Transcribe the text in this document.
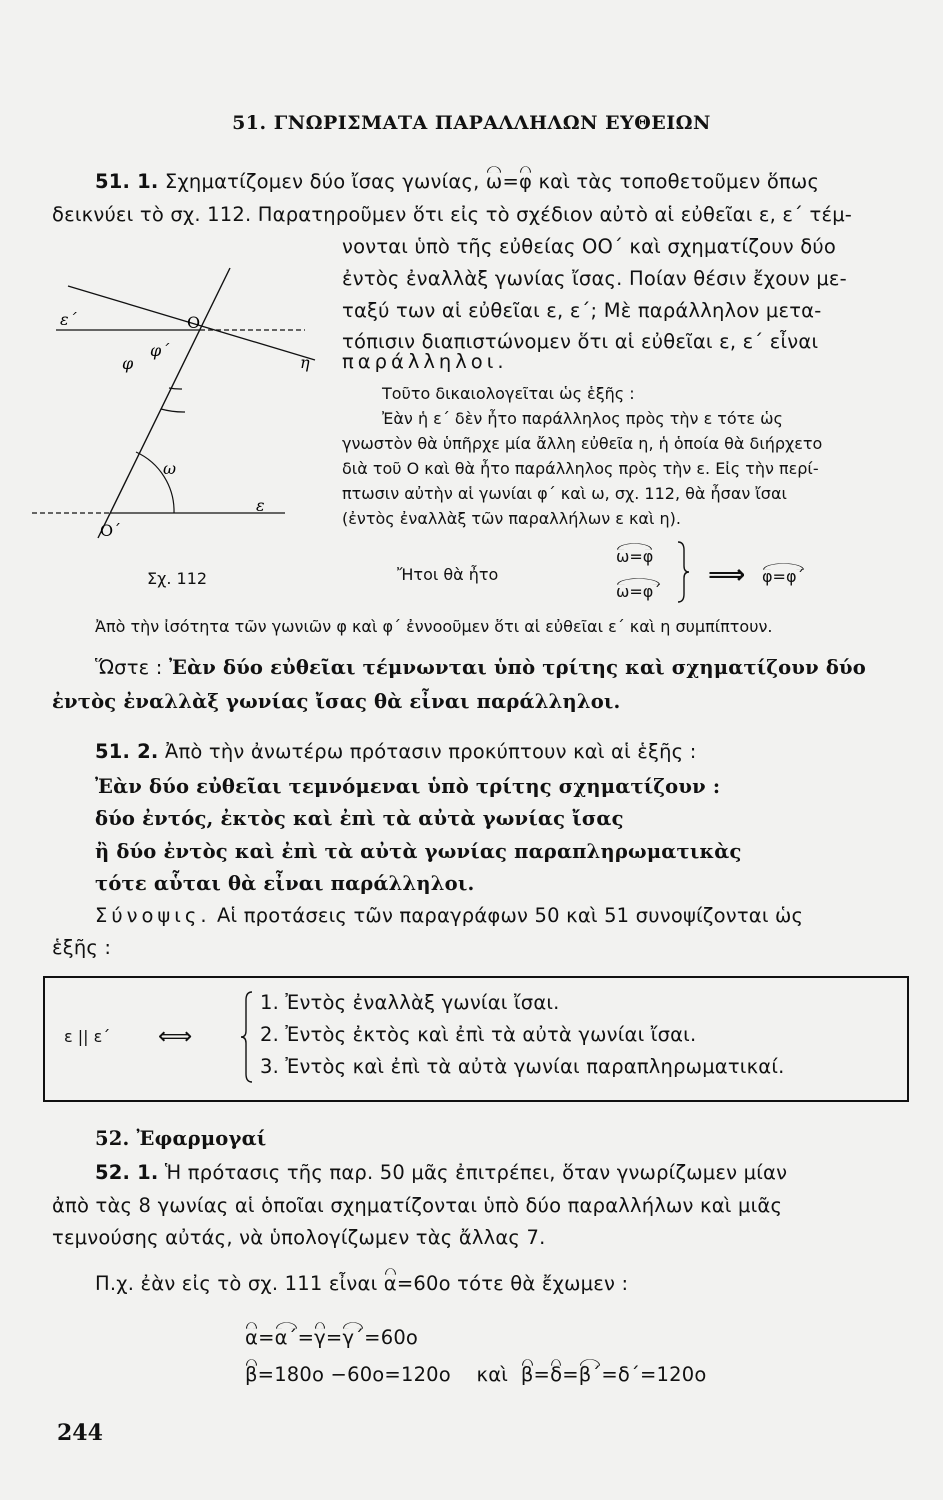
51. ΓΝΩΡΙΣΜΑΤΑ ΠΑΡΑΛΛΗΛΩΝ ΕΥΘΕΙΩΝ

51. 1. Σχηματίζομεν δύο ἴσας γωνίας, ω=φ καὶ τὰς τοποθετοῦμεν ὅπως

δεικνύει τὸ σχ. 112. Παρατηροῦμεν ὅτι εἰς τὸ σχέδιον αὐτὸ αἱ εὐθεῖαι ε, ε΄ τέμ-

νονται ὑπὸ τῆς εὐθείας ΟΟ΄ καὶ σχηματίζουν δύο

ἐντὸς ἐναλλὰξ γωνίας ἴσας. Ποίαν θέσιν ἔχουν με-

ταξύ των αἱ εὐθεῖαι ε, ε΄; Μὲ παράλληλον μετα-

τόπισιν διαπιστώνομεν ὅτι αἱ εὐθεῖαι ε, ε΄ εἶναι

παράλληλοι.

Τοῦτο δικαιολογεῖται ὡς ἑξῆς :

Ἐὰν ἡ ε΄ δὲν ἦτο παράλληλος πρὸς τὴν ε τότε ὡς

γνωστὸν θὰ ὑπῆρχε μία ἄλλη εὐθεῖα η, ἡ ὁποία θὰ διήρχετο

διὰ τοῦ Ο καὶ θὰ ἦτο παράλληλος πρὸς τὴν ε. Εἰς τὴν περί-

πτωσιν αὐτὴν αἱ γωνίαι φ΄ καὶ ω, σχ. 112, θὰ ἦσαν ἴσαι

(ἐντὸς ἐναλλὰξ τῶν παραλλήλων ε καὶ η).

ε΄
ε
η
O
O΄
φ
φ΄
ω

Σχ. 112	Ἤτοι θὰ ἦτο

ω=φ

ω=φ΄

⟹ φ=φ΄

Ἀπὸ τὴν ἰσότητα τῶν γωνιῶν φ καὶ φ΄ ἐννοοῦμεν ὅτι αἱ εὐθεῖαι ε΄ καὶ η συμπίπτουν.

Ὥστε : Ἐὰν δύο εὐθεῖαι τέμνωνται ὑπὸ τρίτης καὶ σχηματίζουν δύο

ἐντὸς ἐναλλὰξ γωνίας ἴσας θὰ εἶναι παράλληλοι.

51. 2. Ἀπὸ τὴν ἀνωτέρω πρότασιν προκύπτουν καὶ αἱ ἑξῆς :

Ἐὰν δύο εὐθεῖαι τεμνόμεναι ὑπὸ τρίτης σχηματίζουν :

δύο ἐντός, ἐκτὸς καὶ ἐπὶ τὰ αὐτὰ γωνίας ἴσας

ἢ δύο ἐντὸς καὶ ἐπὶ τὰ αὐτὰ γωνίας παραπληρωματικὰς

τότε αὗται θὰ εἶναι παράλληλοι.

Σύνοψις. Αἱ προτάσεις τῶν παραγράφων 50 καὶ 51 συνοψίζονται ὡς

ἑξῆς :

ε || ε΄ ⟺

1. Ἐντὸς ἐναλλὰξ γωνίαι ἴσαι.

2. Ἐντὸς ἐκτὸς καὶ ἐπὶ τὰ αὐτὰ γωνίαι ἴσαι.

3. Ἐντὸς καὶ ἐπὶ τὰ αὐτὰ γωνίαι παραπληρωματικαί.

52. Ἐφαρμογαί

52. 1. Ἡ πρότασις τῆς παρ. 50 μᾶς ἐπιτρέπει, ὅταν γνωρίζωμεν μίαν

ἀπὸ τὰς 8 γωνίας αἱ ὁποῖαι σχηματίζονται ὑπὸ δύο παραλλήλων καὶ μιᾶς

τεμνούσης αὐτάς, νὰ ὑπολογίζωμεν τὰς ἄλλας 7.

Π.χ. ἐὰν εἰς τὸ σχ. 111 εἶναι α=60ο τότε θὰ ἔχωμεν :

α=α΄=γ=γ΄=60ο

β=180ο −60ο=120ο καὶ β=δ=β΄=δ΄=120ο

244
